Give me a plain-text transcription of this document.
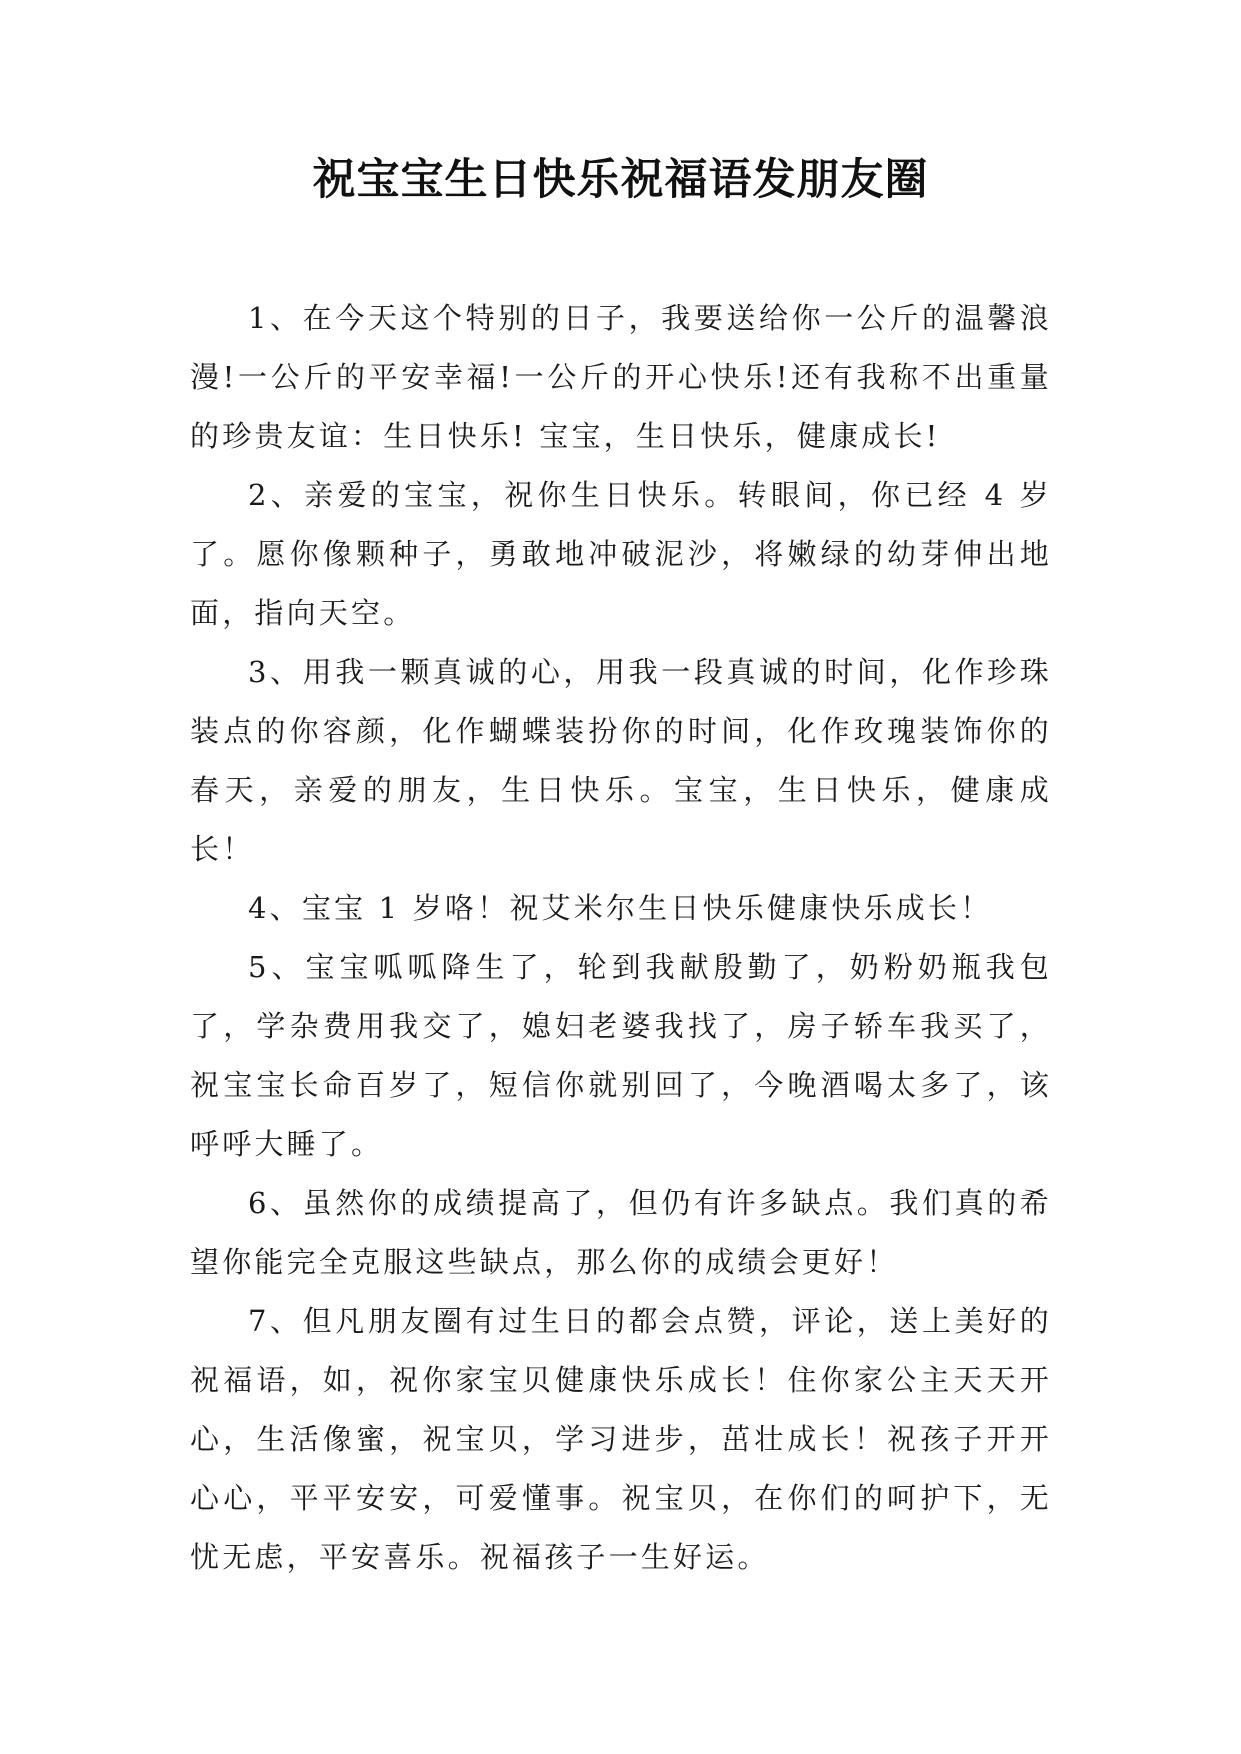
祝宝宝生日快乐祝福语发朋友圈

1、在今天这个特别的日子，我要送给你一公斤的温馨浪漫!一公斤的平安幸福!一公斤的开心快乐!还有我称不出重量的珍贵友谊：生日快乐! 宝宝，生日快乐，健康成长!

2、亲爱的宝宝，祝你生日快乐。转眼间，你已经 4 岁了。愿你像颗种子，勇敢地冲破泥沙，将嫩绿的幼芽伸出地面，指向天空。

3、用我一颗真诚的心，用我一段真诚的时间，化作珍珠装点的你容颜，化作蝴蝶装扮你的时间，化作玫瑰装饰你的春天，亲爱的朋友，生日快乐。宝宝，生日快乐，健康成长！

4、宝宝 1 岁咯！祝艾米尔生日快乐健康快乐成长！

5、宝宝呱呱降生了，轮到我献殷勤了，奶粉奶瓶我包了，学杂费用我交了，媳妇老婆我找了，房子轿车我买了，祝宝宝长命百岁了，短信你就别回了，今晚酒喝太多了，该呼呼大睡了。

6、虽然你的成绩提高了，但仍有许多缺点。我们真的希望你能完全克服这些缺点，那么你的成绩会更好！

7、但凡朋友圈有过生日的都会点赞，评论，送上美好的祝福语，如，祝你家宝贝健康快乐成长！住你家公主天天开心，生活像蜜，祝宝贝，学习进步，茁壮成长！祝孩子开开心心，平平安安，可爱懂事。祝宝贝，在你们的呵护下，无忧无虑，平安喜乐。祝福孩子一生好运。
